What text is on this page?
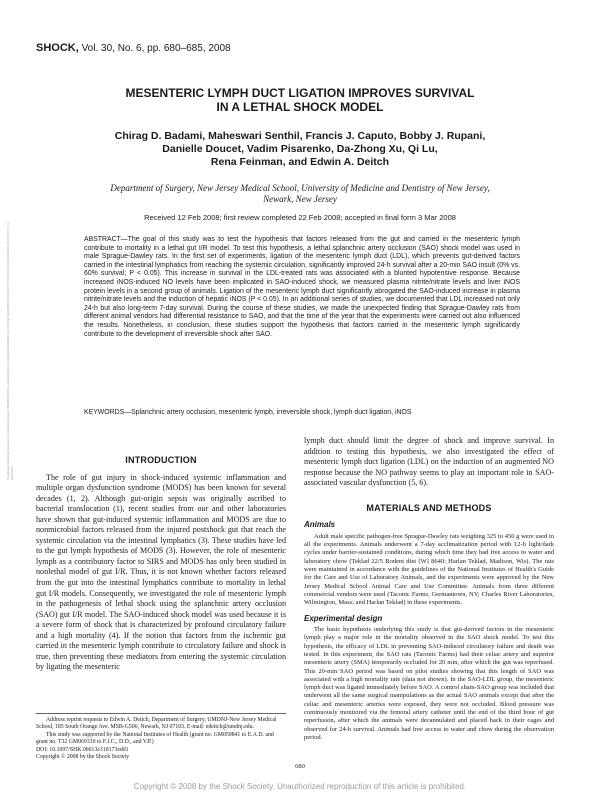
SHOCK, Vol. 30, No. 6, pp. 680–685, 2008
MESENTERIC LYMPH DUCT LIGATION IMPROVES SURVIVAL
IN A LETHAL SHOCK MODEL
Chirag D. Badami, Maheswari Senthil, Francis J. Caputo, Bobby J. Rupani,
Danielle Doucet, Vadim Pisarenko, Da-Zhong Xu, Qi Lu,
Rena Feinman, and Edwin A. Deitch
Department of Surgery, New Jersey Medical School, University of Medicine and Dentistry of New Jersey,
Newark, New Jersey
Received 12 Feb 2008; first review completed 22 Feb 2008; accepted in final form 3 Mar 2008
ABSTRACT—The goal of this study was to test the hypothesis that factors released from the gut and carried in the mesenteric lymph contribute to mortality in a lethal gut I/R model. To test this hypothesis, a lethal splanchnic artery occlusion (SAO) shock model was used in male Sprague-Dawley rats. In the first set of experiments, ligation of the mesenteric lymph duct (LDL), which prevents gut-derived factors carried in the intestinal lymphatics from reaching the systemic circulation, significantly improved 24-h survival after a 20-min SAO insult (0% vs. 60% survival; P < 0.05). This increase in survival in the LDL-treated rats was associated with a blunted hypotensive response. Because increased iNOS-induced NO levels have been implicated in SAO-induced shock, we measured plasma nitrite/nitrate levels and liver iNOS protein levels in a second group of animals. Ligation of the mesenteric lymph duct significantly abrogated the SAO-induced increase in plasma nitrite/nitrate levels and the induction of hepatic iNOS (P < 0.05). In an additional series of studies, we documented that LDL increased not only 24-h but also long-term 7-day survival. During the course of these studies, we made the unexpected finding that Sprague-Dawley rats from different animal vendors had differential resistance to SAO, and that the time of the year that the experiments were carried out also influenced the results. Nonetheless, in conclusion, these studies support the hypothesis that factors carried in the mesenteric lymph significantly contribute to the development of irreversible shock after SAO.
KEYWORDS—Splanchnic artery occlusion, mesenteric lymph, irreversible shock, lymph duct ligation, iNOS
Downloaded from http://journals.lww.com/shockjournal by BhDMf5ePHKav1zEoum1tQfN4a+kJLhEZgbsIHo4XMi0hCywCX1AWnYQp/IlQrHD3i3D0OdRyi7TvSFl4Cf3VC4/OAVpDDa8KKGKV0Ymy+78= on 05/04/2024
INTRODUCTION

The role of gut injury in shock-induced systemic inflammation and multiple organ dysfunction syndrome (MODS) has been known for several decades (1, 2). Although gut-origin sepsis was originally ascribed to bacterial translocation (1), recent studies from our and other laboratories have shown that gut-induced systemic inflammation and MODS are due to nonmicrobial factors released from the injured postshock gut that reach the systemic circulation via the intestinal lymphatics (3). These studies have led to the gut lymph hypothesis of MODS (3). However, the role of mesenteric lymph as a contributory factor to SIRS and MODS has only been studied in nonlethal model of gut I/R. Thus, it is not known whether factors released from the gut into the intestinal lymphatics contribute to mortality in lethal gut I/R models. Consequently, we investigated the role of mesenteric lymph in the pathogenesis of lethal shock using the splanchnic artery occlusion (SAO) gut I/R model. The SAO-induced shock model was used because it is a severe form of shock that is characterized by profound circulatory failure and a high mortality (4). If the notion that factors from the ischemic gut carried in the mesenteric lymph contribute to circulatory failure and shock is true, then preventing these mediators from entering the systemic circulation by ligating the mesenteric

lymph duct should limit the degree of shock and improve survival. In addition to testing this hypothesis, we also investigated the effect of mesenteric lymph duct ligation (LDL) on the induction of an augmented NO response because the NO pathway seems to play an important role in SAO-associated vascular dysfunction (5, 6).

MATERIALS AND METHODS
Animals

Adult male specific pathogen-free Sprague-Dawley rats weighing 325 to 450 g were used in all the experiments. Animals underwent a 7-day acclimatization period with 12-h light/dark cycles under barrier-sustained conditions, during which time they had free access to water and laboratory chow (Teklad 22/5 Rodent diet [W] 8640; Harlan Teklad, Madison, Wis). The rats were maintained in accordance with the guidelines of the National Institutes of Health's Guide for the Care and Use of Laboratory Animals, and the experiments were approved by the New Jersey Medical School Animal Care and Use Committee. Animals from three different commercial vendors were used (Taconic Farms, Germantown, NY; Charles River Laboratories, Wilmington, Mass; and Harlan Teklad) in these experiments.

Experimental design

The basic hypothesis underlying this study is that gut-derived factors in the mesenteric lymph play a major role in the mortality observed in the SAO shock model. To test this hypothesis, the efficacy of LDL in preventing SAO-induced circulatory failure and death was tested. In this experiment, the SAO rats (Taconic Farms) had their celiac artery and superior mesenteric artery (SMA) temporarily occluded for 20 min, after which the gut was reperfused. This 20-min SAO period was based on pilot studies showing that this length of SAO was associated with a high mortality rate (data not shown). In the SAO-LDL group, the mesenteric lymph duct was ligated immediately before SAO. A control sham-SAO group was included that underwent all the same surgical manipulations as the actual SAO animals except that after the celiac and mesenteric arteries were exposed, they were not occluded. Blood pressure was continuously monitored via the femoral artery catheter until the end of the third hour of gut reperfusion, after which the animals were decannulated and placed back in their cages and observed for 24-h survival. Animals had free access to water and chow during the observation period.

Address reprint requests to Edwin A. Deitch, Department of Surgery, UMDNJ-New Jersey Medical School, 185 South Orange Ave. MSB-G506, Newark, NJ 07103. E-mail: edeitch@umdnj.edu.

This study was supported by the National Institutes of Health (grant no. GM059841 to E.A.D. and grant no. T32 GM069330 to F.J.C., D.D., and V.P.)

DOI: 10.1097/SHK.0b013e318173edd1

Copyright © 2008 by the Shock Society

680
Copyright © 2008 by the Shock Society. Unauthorized reproduction of this article is prohibited.
